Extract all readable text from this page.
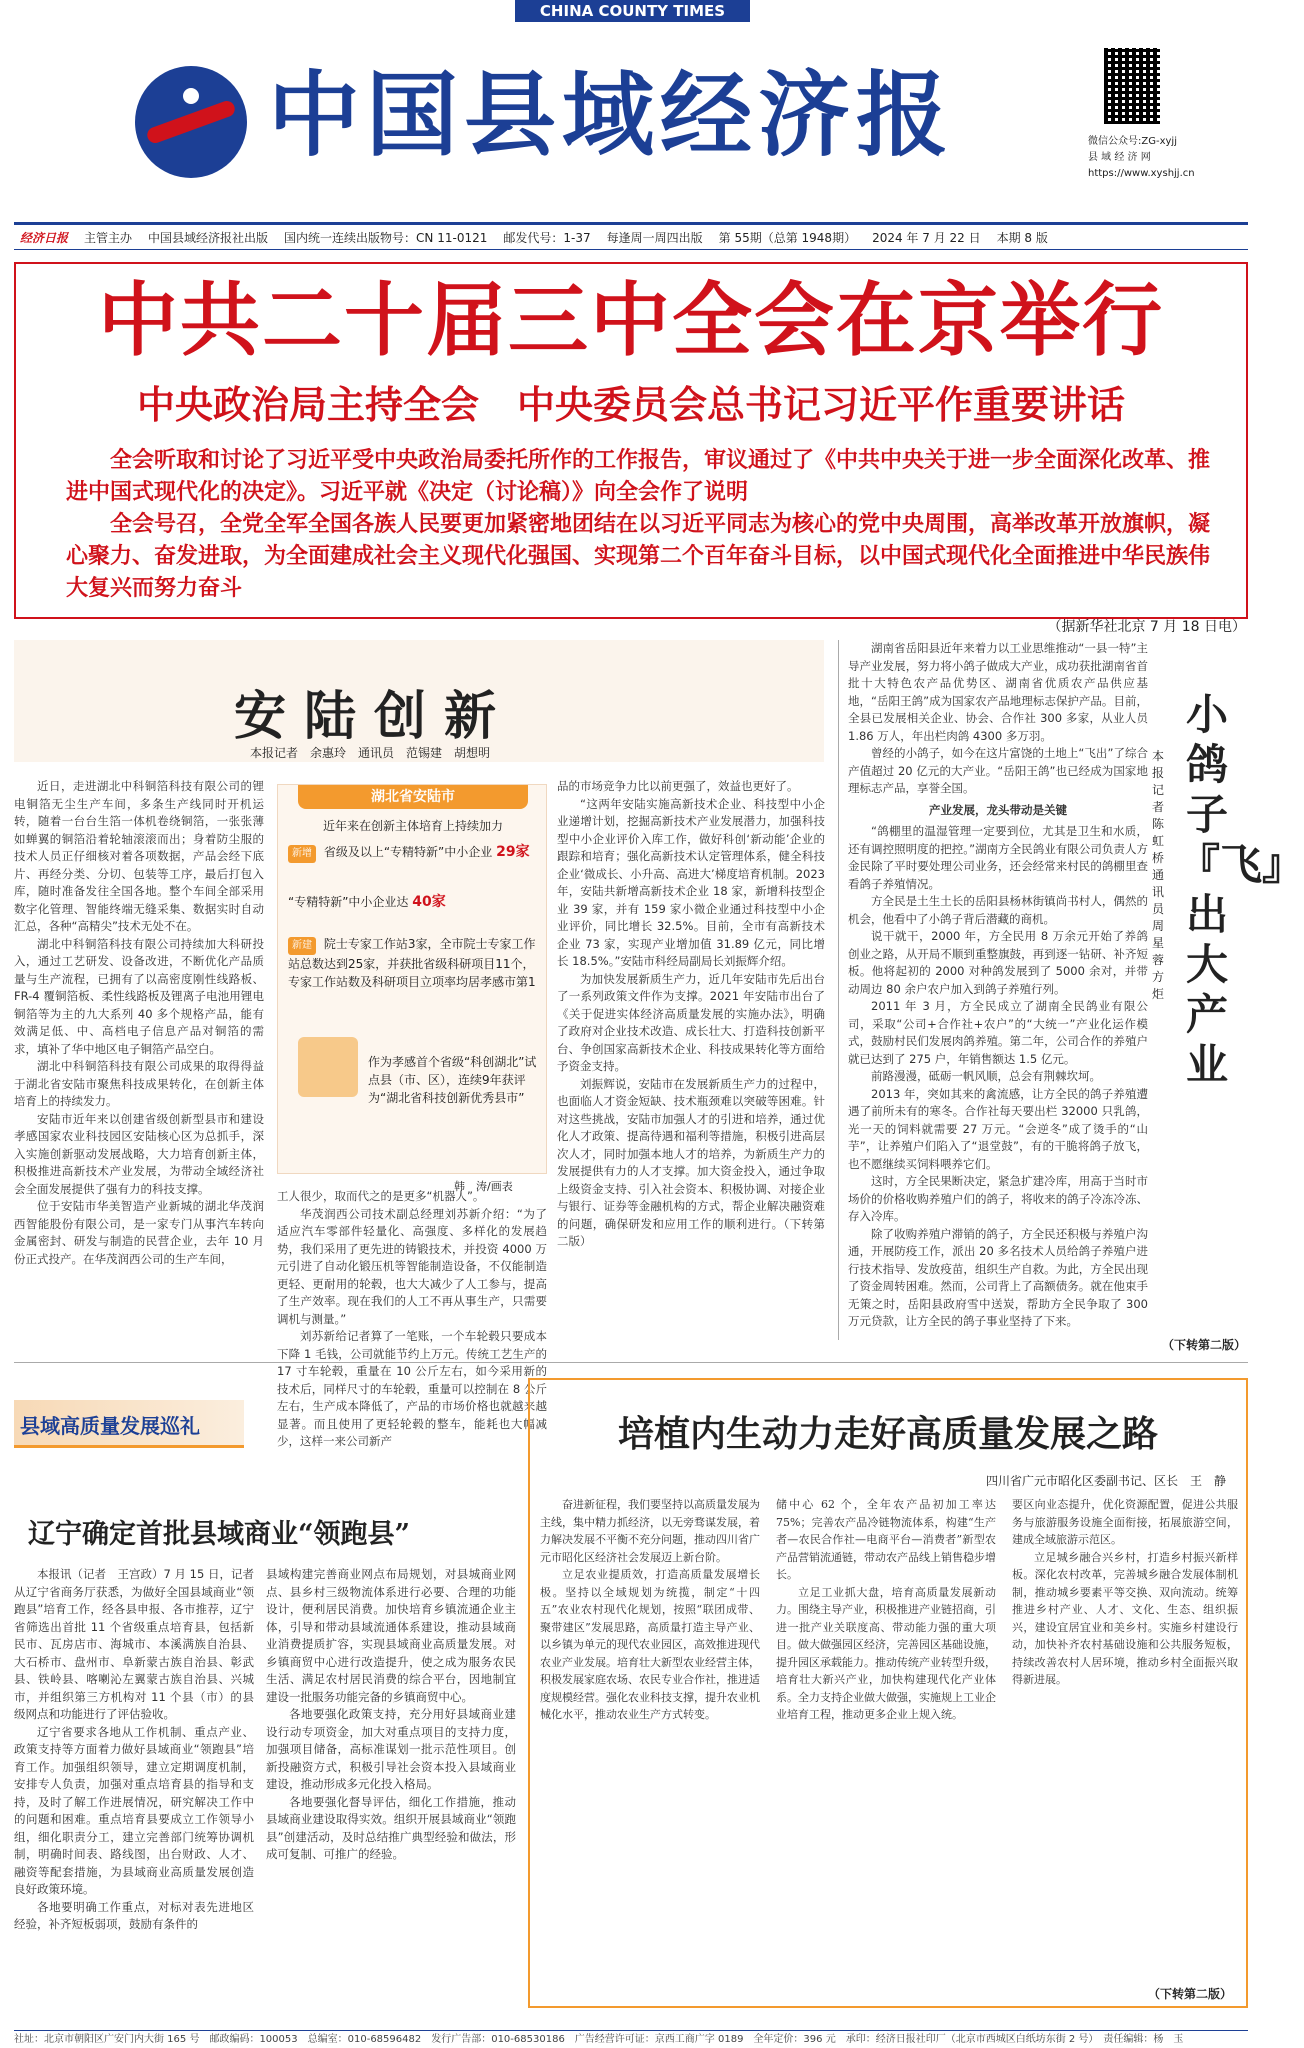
CHINA COUNTY TIMES
中国县域经济报	微信公众号:ZG-xyjj
县 域 经 济 网
https://www.xyshjj.cn
经济日报 主管主办 中国县域经济报社出版 国内统一连续出版物号：CN 11-0121 邮发代号：1-37 每逢周一周四出版 第 55期（总第 1948期） 2024 年 7 月 22 日 本期 8 版
中共二十届三中全会在京举行
中央政治局主持全会　中央委员会总书记习近平作重要讲话

全会听取和讨论了习近平受中央政治局委托所作的工作报告，审议通过了《中共中央关于进一步全面深化改革、推进中国式现代化的决定》。习近平就《决定（讨论稿）》向全会作了说明

全会号召，全党全军全国各族人民要更加紧密地团结在以习近平同志为核心的党中央周围，高举改革开放旗帜，凝心聚力、奋发进取，为全面建成社会主义现代化强国、实现第二个百年奋斗目标，以中国式现代化全面推进中华民族伟大复兴而努力奋斗

（据新华社北京 7 月 18 日电）
安陆创新
本报记者　余惠玲　通讯员　范锡建　胡想明

近日，走进湖北中科铜箔科技有限公司的锂电铜箔无尘生产车间，多条生产线同时开机运转，随着一台台生箔一体机卷绕铜箔，一张张薄如蝉翼的铜箔沿着轮轴滚滚而出；身着防尘服的技术人员正仔细核对着各项数据，产品会经下底片、再经分类、分切、包装等工序，最后打包入库，随时准备发往全国各地。整个车间全部采用数字化管理、智能终端无缝采集、数据实时自动汇总，各种“高精尖”技术无处不在。

湖北中科铜箔科技有限公司持续加大科研投入，通过工艺研发、设备改进，不断优化产品质量与生产流程，已拥有了以高密度刚性线路板、FR-4 覆铜箔板、柔性线路板及锂离子电池用锂电铜箔等为主的九大系列 40 多个规格产品，能有效满足低、中、高档电子信息产品对铜箔的需求，填补了华中地区电子铜箔产品空白。

湖北中科铜箔科技有限公司成果的取得得益于湖北省安陆市聚焦科技成果转化，在创新主体培育上的持续发力。

安陆市近年来以创建省级创新型县市和建设孝感国家农业科技园区安陆核心区为总抓手，深入实施创新驱动发展战略，大力培育创新主体，积极推进高新技术产业发展，为带动全域经济社会全面发展提供了强有力的科技支撑。

位于安陆市华美智造产业新城的湖北华茂润西智能股份有限公司，是一家专门从事汽车转向金属密封、研发与制造的民营企业，去年 10 月份正式投产。在华茂润西公司的生产车间，

湖北省安陆市
近年来在创新主体培育上持续加力
新增 省级及以上“专精特新”中小企业 29家
“专精特新”中小企业达 40家
新建 院士专家工作站3家，全市院士专家工作站总数达到25家，并获批省级科研项目11个，专家工作站数及科研项目立项率均居孝感市第1
作为孝感首个省级“科创湖北”试点县（市、区），连续9年获评为“湖北省科技创新优秀县市”
韩　涛/画表

工人很少，取而代之的是更多“机器人”。

华茂润西公司技术副总经理刘苏新介绍：“为了适应汽车零部件轻量化、高强度、多样化的发展趋势，我们采用了更先进的铸锻技术，并投资 4000 万元引进了自动化锻压机等智能制造设备，不仅能制造更轻、更耐用的轮毂，也大大减少了人工参与，提高了生产效率。现在我们的人工不再从事生产，只需要调机与测量。”

刘苏新给记者算了一笔账，一个车轮毂只要成本下降 1 毛钱，公司就能节约上万元。传统工艺生产的 17 寸车轮毂，重量在 10 公斤左右，如今采用新的技术后，同样尺寸的车轮毂，重量可以控制在 8 公斤左右，生产成本降低了，产品的市场价格也就越来越显著。而且使用了更轻轮毂的整车，能耗也大幅减少，这样一来公司新产

品的市场竞争力比以前更强了，效益也更好了。

“这两年安陆实施高新技术企业、科技型中小企业递增计划，挖掘高新技术产业发展潜力，加强科技型中小企业评价入库工作，做好科创‘新动能’企业的跟踪和培育；强化高新技术认定管理体系，健全科技企业‘微成长、小升高、高进大’梯度培育机制。2023 年，安陆共新增高新技术企业 18 家，新增科技型企业 39 家，并有 159 家小微企业通过科技型中小企业评价，同比增长 32.5%。目前，全市有高新技术企业 73 家，实现产业增加值 31.89 亿元，同比增长 18.5%。”安陆市科经局副局长刘振辉介绍。

为加快发展新质生产力，近几年安陆市先后出台了一系列政策文件作为支撑。2021 年安陆市出台了《关于促进实体经济高质量发展的实施办法》，明确了政府对企业技术改造、成长壮大、打造科技创新平台、争创国家高新技术企业、科技成果转化等方面给予资金支持。

刘振辉说，安陆市在发展新质生产力的过程中，也面临人才资金短缺、技术瓶颈难以突破等困难。针对这些挑战，安陆市加强人才的引进和培养，通过优化人才政策、提高待遇和福利等措施，积极引进高层次人才，同时加强本地人才的培养，为新质生产力的发展提供有力的人才支撑。加大资金投入，通过争取上级资金支持、引入社会资本、积极协调、对接企业与银行、证券等金融机构的方式，帮企业解决融资难的问题，确保研发和应用工作的顺利进行。（下转第二版）

湖南省岳阳县近年来着力以工业思维推动“一县一特”主导产业发展，努力将小鸽子做成大产业，成功获批湖南省首批十大特色农产品优势区、湖南省优质农产品供应基地，“岳阳王鸽”成为国家农产品地理标志保护产品。目前，全县已发展相关企业、协会、合作社 300 多家，从业人员 1.86 万人，年出栏肉鸽 4300 多万羽。

曾经的小鸽子，如今在这片富饶的土地上“飞出”了综合产值超过 20 亿元的大产业。“岳阳王鸽”也已经成为国家地理标志产品，享誉全国。

产业发展，龙头带动是关键

“鸽棚里的温湿管理一定要到位，尤其是卫生和水质，还有调控照明度的把控。”湖南方全民鸽业有限公司负责人方金民除了平时要处理公司业务，还会经常来村民的鸽棚里查看鸽子养殖情况。

方全民是土生土长的岳阳县杨林街镇尚书村人，偶然的机会，他看中了小鸽子背后潜藏的商机。

说干就干，2000 年，方全民用 8 万余元开始了养鸽创业之路，从开局不顺到重整旗鼓，再到逐一钻研、补齐短板。他将起初的 2000 对种鸽发展到了 5000 余对，并带动周边 80 余户农户加入到鸽子养殖行列。

2011 年 3 月，方全民成立了湖南全民鸽业有限公司，采取“公司+合作社+农户”的“大统一”产业化运作模式，鼓励村民们发展肉鸽养殖。第二年，公司合作的养殖户就已达到了 275 户，年销售额达 1.5 亿元。

前路漫漫，砥砺一帆风顺，总会有荆棘坎坷。

2013 年，突如其来的禽流感，让方全民的鸽子养殖遭遇了前所未有的寒冬。合作社每天要出栏 32000 只乳鸽，光一天的饲料就需要 27 万元。“会逆冬”成了烫手的“山芋”，让养殖户们陷入了“退堂鼓”，有的干脆将鸽子放飞，也不愿继续买饲料喂养它们。

这时，方全民果断决定，紧急扩建冷库，用高于当时市场价的价格收购养殖户们的鸽子，将收来的鸽子冷冻冷冻、存入冷库。

除了收购养殖户滞销的鸽子，方全民还积极与养殖户沟通，开展防疫工作，派出 20 多名技术人员给鸽子养殖户进行技术指导、发放疫苗，组织生产自救。为此，方全民出现了资金周转困难。然而，公司背上了高额债务。就在他束手无策之时，岳阳县政府雪中送炭，帮助方全民争取了 300 万元贷款，让方全民的鸽子事业坚持了下来。

小鸽子『飞』出大产业
本报记者　陈虹桥　通讯员　周星蓉　方炬
（下转第二版）
县域高质量发展巡礼
辽宁确定首批县域商业“领跑县”

本报讯（记者　王宫政）7 月 15 日，记者从辽宁省商务厅获悉，为做好全国县域商业“领跑县”培育工作，经各县申报、各市推荐，辽宁省筛选出首批 11 个省级重点培育县，包括新民市、瓦房店市、海城市、本溪满族自治县、大石桥市、盘州市、阜新蒙古族自治县、彰武县、铁岭县、喀喇沁左翼蒙古族自治县、兴城市，并组织第三方机构对 11 个县（市）的县级网点和功能进行了评估验收。

辽宁省要求各地从工作机制、重点产业、政策支持等方面着力做好县域商业“领跑县”培育工作。加强组织领导，建立定期调度机制，安排专人负责，加强对重点培育县的指导和支持，及时了解工作进展情况，研究解决工作中的问题和困难。重点培育县要成立工作领导小组，细化职责分工，建立完善部门统筹协调机制，明确时间表、路线图，出台财政、人才、融资等配套措施，为县域商业高质量发展创造良好政策环境。

各地要明确工作重点，对标对表先进地区经验，补齐短板弱项，鼓励有条件的

县域构建完善商业网点布局规划，对县城商业网点、县乡村三级物流体系进行必要、合理的功能设计，便利居民消费。加快培育乡镇流通企业主体，引导和带动县域流通体系建设，推动县域商业消费提质扩容，实现县域商业高质量发展。对乡镇商贸中心进行改造提升，使之成为服务农民生活、满足农村居民消费的综合平台，因地制宜建设一批服务功能完备的乡镇商贸中心。

各地要强化政策支持，充分用好县域商业建设行动专项资金，加大对重点项目的支持力度，加强项目储备，高标准谋划一批示范性项目。创新投融资方式，积极引导社会资本投入县域商业建设，推动形成多元化投入格局。

各地要强化督导评估，细化工作措施，推动县域商业建设取得实效。组织开展县域商业“领跑县”创建活动，及时总结推广典型经验和做法，形成可复制、可推广的经验。

培植内生动力走好高质量发展之路
四川省广元市昭化区委副书记、区长　王　静
（下转第二版）

奋进新征程，我们要坚持以高质量发展为主线，集中精力抓经济，以无旁骛谋发展，着力解决发展不平衡不充分问题，推动四川省广元市昭化区经济社会发展迈上新台阶。

立足农业提质效，打造高质量发展增长极。坚持以全域规划为统揽，制定“十四五”农业农村现代化规划，按照“联团成带、聚带建区”发展思路，高质量打造主导产业、以乡镇为单元的现代农业园区，高效推进现代农业产业发展。培育壮大新型农业经营主体，积极发展家庭农场、农民专业合作社，推进适度规模经营。强化农业科技支撑，提升农业机械化水平，推动农业生产方式转变。

储中心 62 个，全年农产品初加工率达 75%；完善农产品冷链物流体系，构建“生产者—农民合作社—电商平台—消费者”新型农产品营销流通链，带动农产品线上销售稳步增长。

立足工业抓大盘，培育高质量发展新动力。围绕主导产业，积极推进产业链招商，引进一批产业关联度高、带动能力强的重大项目。做大做强园区经济，完善园区基础设施，提升园区承载能力。推动传统产业转型升级，培育壮大新兴产业，加快构建现代化产业体系。全力支持企业做大做强，实施规上工业企业培育工程，推动更多企业上规入统。

要区向业态提升，优化资源配置，促进公共服务与旅游服务设施全面衔接，拓展旅游空间，建成全域旅游示范区。

立足城乡融合兴乡村，打造乡村振兴新样板。深化农村改革，完善城乡融合发展体制机制，推动城乡要素平等交换、双向流动。统筹推进乡村产业、人才、文化、生态、组织振兴，建设宜居宜业和美乡村。实施乡村建设行动，加快补齐农村基础设施和公共服务短板，持续改善农村人居环境，推动乡村全面振兴取得新进展。

社址：北京市朝阳区广安门内大街 165 号　邮政编码：100053　总编室：010-68596482　发行广告部：010-68530186　广告经营许可证：京西工商广字 0189　全年定价：396 元　承印：经济日报社印厂（北京市西城区白纸坊东街 2 号）　责任编辑：杨　玉
